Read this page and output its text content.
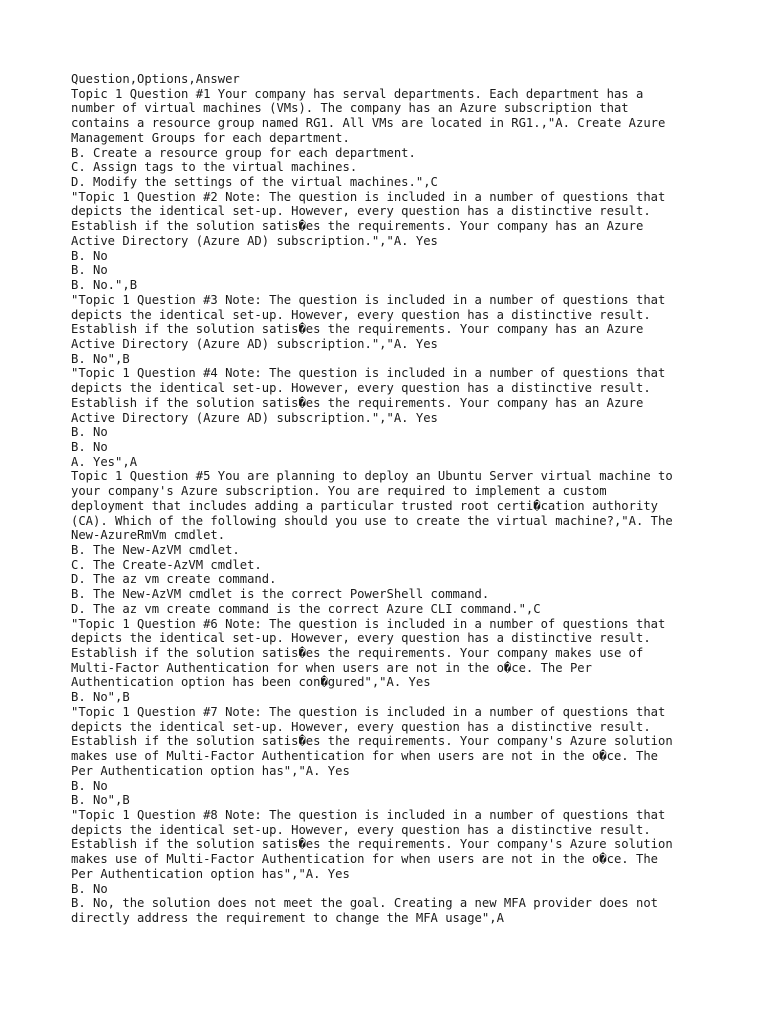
Question,Options,Answer
Topic 1 Question #1 Your company has serval departments. Each department has a
number of virtual machines (VMs). The company has an Azure subscription that
contains a resource group named RG1. All VMs are located in RG1.,"A. Create Azure
Management Groups for each department.
B. Create a resource group for each department.
C. Assign tags to the virtual machines.
D. Modify the settings of the virtual machines.",C
"Topic 1 Question #2 Note: The question is included in a number of questions that
depicts the identical set-up. However, every question has a distinctive result.
Establish if the solution satis�es the requirements. Your company has an Azure
Active Directory (Azure AD) subscription.","A. Yes
B. No
B. No
B. No.",B
"Topic 1 Question #3 Note: The question is included in a number of questions that
depicts the identical set-up. However, every question has a distinctive result.
Establish if the solution satis�es the requirements. Your company has an Azure
Active Directory (Azure AD) subscription.","A. Yes
B. No",B
"Topic 1 Question #4 Note: The question is included in a number of questions that
depicts the identical set-up. However, every question has a distinctive result.
Establish if the solution satis�es the requirements. Your company has an Azure
Active Directory (Azure AD) subscription.","A. Yes
B. No
B. No
A. Yes",A
Topic 1 Question #5 You are planning to deploy an Ubuntu Server virtual machine to
your company's Azure subscription. You are required to implement a custom
deployment that includes adding a particular trusted root certi�cation authority
(CA). Which of the following should you use to create the virtual machine?,"A. The
New-AzureRmVm cmdlet.
B. The New-AzVM cmdlet.
C. The Create-AzVM cmdlet.
D. The az vm create command.
B. The New-AzVM cmdlet is the correct PowerShell command.
D. The az vm create command is the correct Azure CLI command.",C
"Topic 1 Question #6 Note: The question is included in a number of questions that
depicts the identical set-up. However, every question has a distinctive result.
Establish if the solution satis�es the requirements. Your company makes use of
Multi-Factor Authentication for when users are not in the o�ce. The Per
Authentication option has been con�gured","A. Yes
B. No",B
"Topic 1 Question #7 Note: The question is included in a number of questions that
depicts the identical set-up. However, every question has a distinctive result.
Establish if the solution satis�es the requirements. Your company's Azure solution
makes use of Multi-Factor Authentication for when users are not in the o�ce. The
Per Authentication option has","A. Yes
B. No
B. No",B
"Topic 1 Question #8 Note: The question is included in a number of questions that
depicts the identical set-up. However, every question has a distinctive result.
Establish if the solution satis�es the requirements. Your company's Azure solution
makes use of Multi-Factor Authentication for when users are not in the o�ce. The
Per Authentication option has","A. Yes
B. No
B. No, the solution does not meet the goal. Creating a new MFA provider does not
directly address the requirement to change the MFA usage",A
